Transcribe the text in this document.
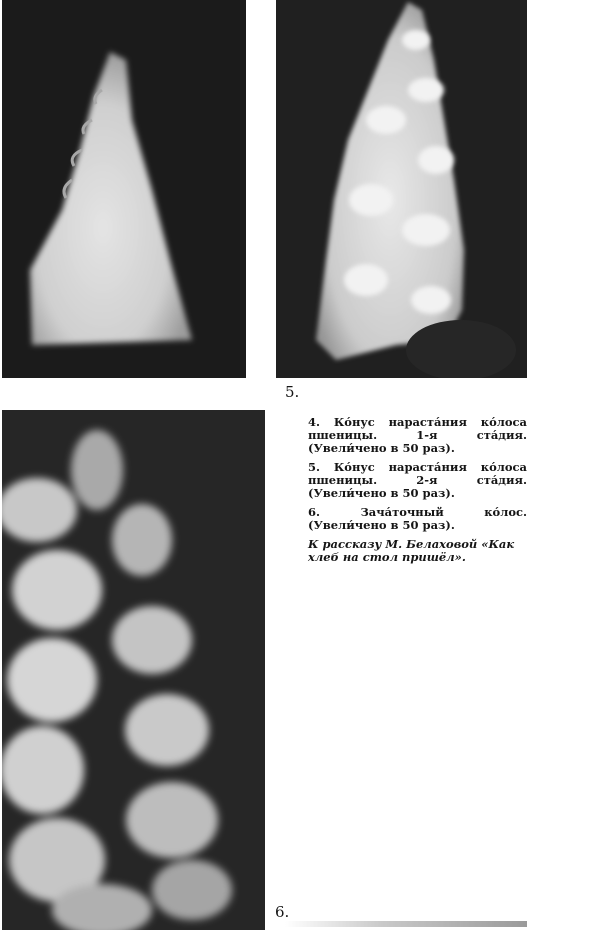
5.
6.

4. Ко́нус нараста́ния ко́лоса пшеницы. 1-я ста́дия. (Увели́чено в 50 раз).

5. Ко́нус нараста́ния ко́лоса пшеницы. 2-я ста́дия. (Увели́чено в 50 раз).

6. Зача́точный ко́лос. (Увели́чено в 50 раз).

К рассказу М. Белаховой «Как хлеб на стол пришёл».
